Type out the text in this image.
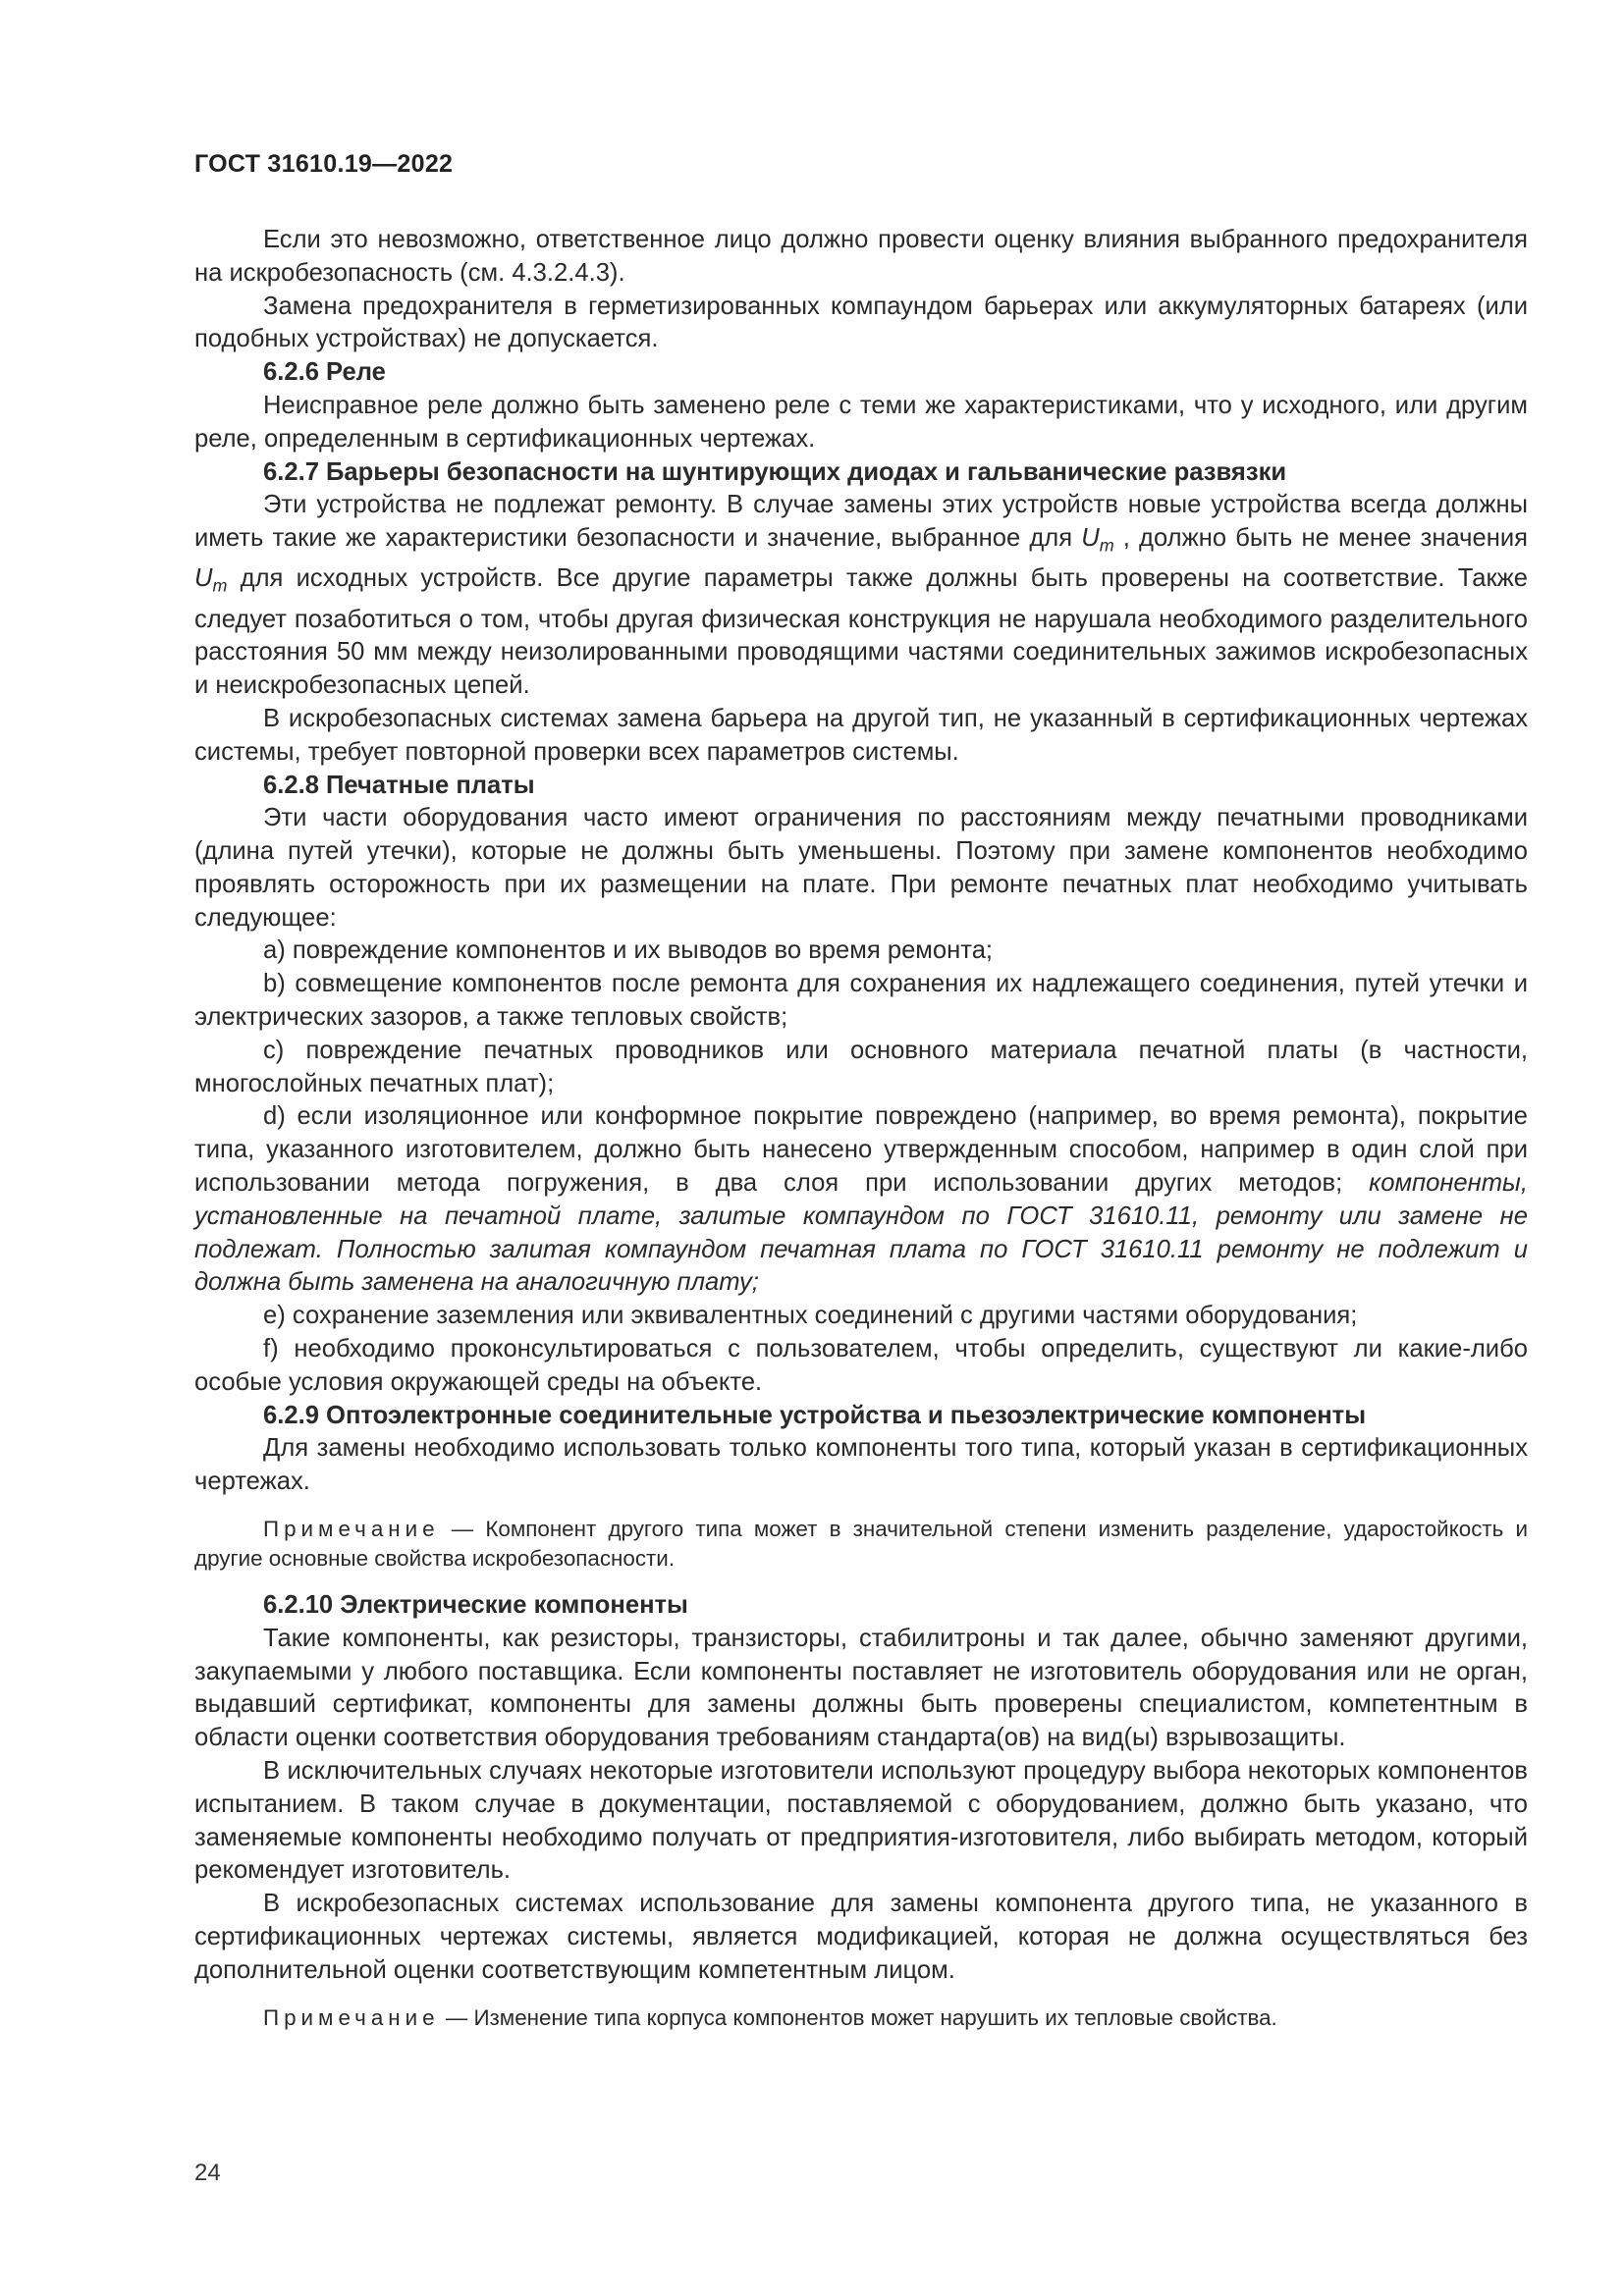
ГОСТ 31610.19—2022

Если это невозможно, ответственное лицо должно провести оценку влияния выбранного предохранителя на искробезопасность (см. 4.3.2.4.3).

Замена предохранителя в герметизированных компаундом барьерах или аккумуляторных батареях (или подобных устройствах) не допускается.

6.2.6 Реле

Неисправное реле должно быть заменено реле с теми же характеристиками, что у исходного, или другим реле, определенным в сертификационных чертежах.

6.2.7 Барьеры безопасности на шунтирующих диодах и гальванические развязки

Эти устройства не подлежат ремонту. В случае замены этих устройств новые устройства всегда должны иметь такие же характеристики безопасности и значение, выбранное для $U_m$ , должно быть не менее значения $U_m$ для исходных устройств. Все другие параметры также должны быть проверены на соответствие. Также следует позаботиться о том, чтобы другая физическая конструкция не нарушала необходимого разделительного расстояния 50 мм между неизолированными проводящими частями соединительных зажимов искробезопасных и неискробезопасных цепей.

В искробезопасных системах замена барьера на другой тип, не указанный в сертификационных чертежах системы, требует повторной проверки всех параметров системы.

6.2.8 Печатные платы

Эти части оборудования часто имеют ограничения по расстояниям между печатными проводниками (длина путей утечки), которые не должны быть уменьшены. Поэтому при замене компонентов необходимо проявлять осторожность при их размещении на плате. При ремонте печатных плат необходимо учитывать следующее:

a) повреждение компонентов и их выводов во время ремонта;

b) совмещение компонентов после ремонта для сохранения их надлежащего соединения, путей утечки и электрических зазоров, а также тепловых свойств;

c) повреждение печатных проводников или основного материала печатной платы (в частности, многослойных печатных плат);

d) если изоляционное или конформное покрытие повреждено (например, во время ремонта), покрытие типа, указанного изготовителем, должно быть нанесено утвержденным способом, например в один слой при использовании метода погружения, в два слоя при использовании других методов; компоненты, установленные на печатной плате, залитые компаундом по ГОСТ 31610.11, ремонту или замене не подлежат. Полностью залитая компаундом печатная плата по ГОСТ 31610.11 ремонту не подлежит и должна быть заменена на аналогичную плату;

e) сохранение заземления или эквивалентных соединений с другими частями оборудования;

f) необходимо проконсультироваться с пользователем, чтобы определить, существуют ли какие-либо особые условия окружающей среды на объекте.

6.2.9 Оптоэлектронные соединительные устройства и пьезоэлектрические компоненты

Для замены необходимо использовать только компоненты того типа, который указан в сертификационных чертежах.

Примечание — Компонент другого типа может в значительной степени изменить разделение, ударостойкость и другие основные свойства искробезопасности.

6.2.10 Электрические компоненты

Такие компоненты, как резисторы, транзисторы, стабилитроны и так далее, обычно заменяют другими, закупаемыми у любого поставщика. Если компоненты поставляет не изготовитель оборудования или не орган, выдавший сертификат, компоненты для замены должны быть проверены специалистом, компетентным в области оценки соответствия оборудования требованиям стандарта(ов) на вид(ы) взрывозащиты.

В исключительных случаях некоторые изготовители используют процедуру выбора некоторых компонентов испытанием. В таком случае в документации, поставляемой с оборудованием, должно быть указано, что заменяемые компоненты необходимо получать от предприятия-изготовителя, либо выбирать методом, который рекомендует изготовитель.

В искробезопасных системах использование для замены компонента другого типа, не указанного в сертификационных чертежах системы, является модификацией, которая не должна осуществляться без дополнительной оценки соответствующим компетентным лицом.

Примечание — Изменение типа корпуса компонентов может нарушить их тепловые свойства.

24
